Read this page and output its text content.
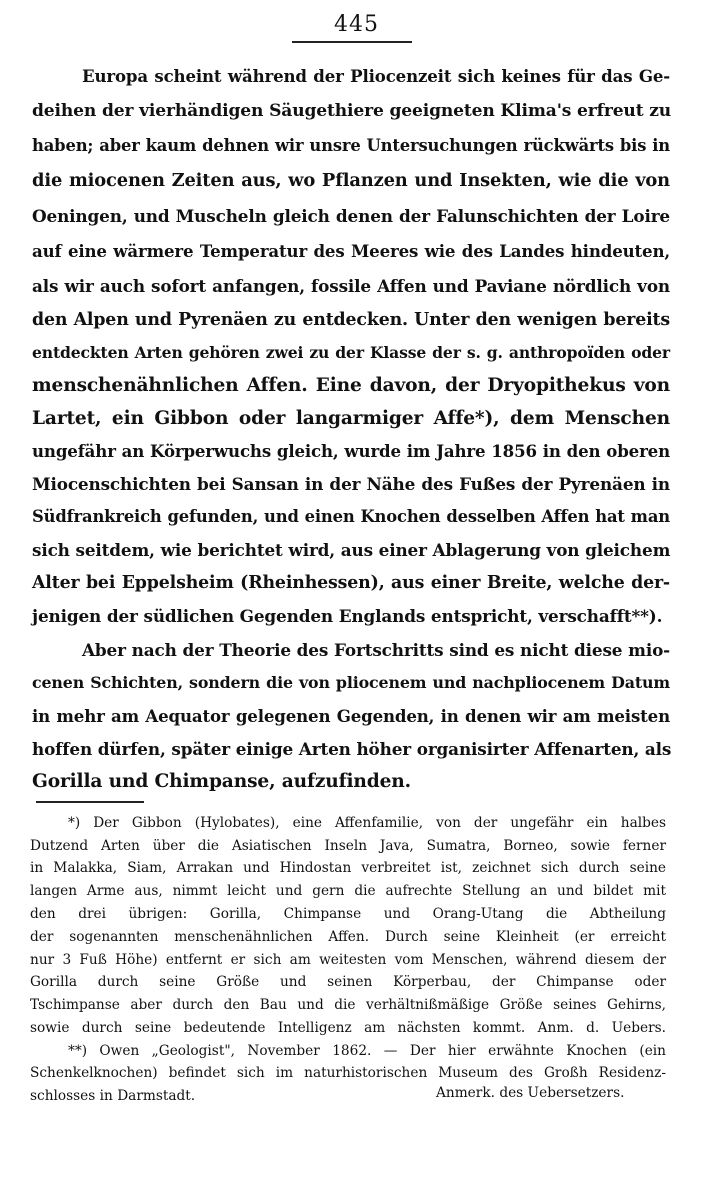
445
Europa scheint während der Pliocenzeit sich keines für das Ge-
deihen der vierhändigen Säugethiere geeigneten Klima's erfreut zu
haben; aber kaum dehnen wir unsre Untersuchungen rückwärts bis in
die miocenen Zeiten aus, wo Pflanzen und Insekten, wie die von
Oeningen, und Muscheln gleich denen der Falunschichten der Loire
auf eine wärmere Temperatur des Meeres wie des Landes hindeuten,
als wir auch sofort anfangen, fossile Affen und Paviane nördlich von
den Alpen und Pyrenäen zu entdecken. Unter den wenigen bereits
entdeckten Arten gehören zwei zu der Klasse der s. g. anthropoïden oder
menschenähnlichen Affen. Eine davon, der Dryopithekus von
Lartet, ein Gibbon oder langarmiger Affe*), dem Menschen
ungefähr an Körperwuchs gleich, wurde im Jahre 1856 in den oberen
Miocenschichten bei Sansan in der Nähe des Fußes der Pyrenäen in
Südfrankreich gefunden, und einen Knochen desselben Affen hat man
sich seitdem, wie berichtet wird, aus einer Ablagerung von gleichem
Alter bei Eppelsheim (Rheinhessen), aus einer Breite, welche der-
jenigen der südlichen Gegenden Englands entspricht, verschafft**).
Aber nach der Theorie des Fortschritts sind es nicht diese mio-
cenen Schichten, sondern die von pliocenem und nachpliocenem Datum
in mehr am Aequator gelegenen Gegenden, in denen wir am meisten
hoffen dürfen, später einige Arten höher organisirter Affenarten, als
Gorilla und Chimpanse, aufzufinden.
*) Der Gibbon (Hylobates), eine Affenfamilie, von der ungefähr ein halbes
Dutzend Arten über die Asiatischen Inseln Java, Sumatra, Borneo, sowie ferner
in Malakka, Siam, Arrakan und Hindostan verbreitet ist, zeichnet sich durch seine
langen Arme aus, nimmt leicht und gern die aufrechte Stellung an und bildet mit
den drei übrigen: Gorilla, Chimpanse und Orang-Utang die Abtheilung
der sogenannten menschenähnlichen Affen. Durch seine Kleinheit (er erreicht
nur 3 Fuß Höhe) entfernt er sich am weitesten vom Menschen, während diesem der
Gorilla durch seine Größe und seinen Körperbau, der Chimpanse oder
Tschimpanse aber durch den Bau und die verhältnißmäßige Größe seines Gehirns,
sowie durch seine bedeutende Intelligenz am nächsten kommt. Anm. d. Uebers.
**) Owen „Geologist", November 1862. — Der hier erwähnte Knochen (ein
Schenkelknochen) befindet sich im naturhistorischen Museum des Großh Residenz-
schlosses in Darmstadt.	Anmerk. des Uebersetzers.
